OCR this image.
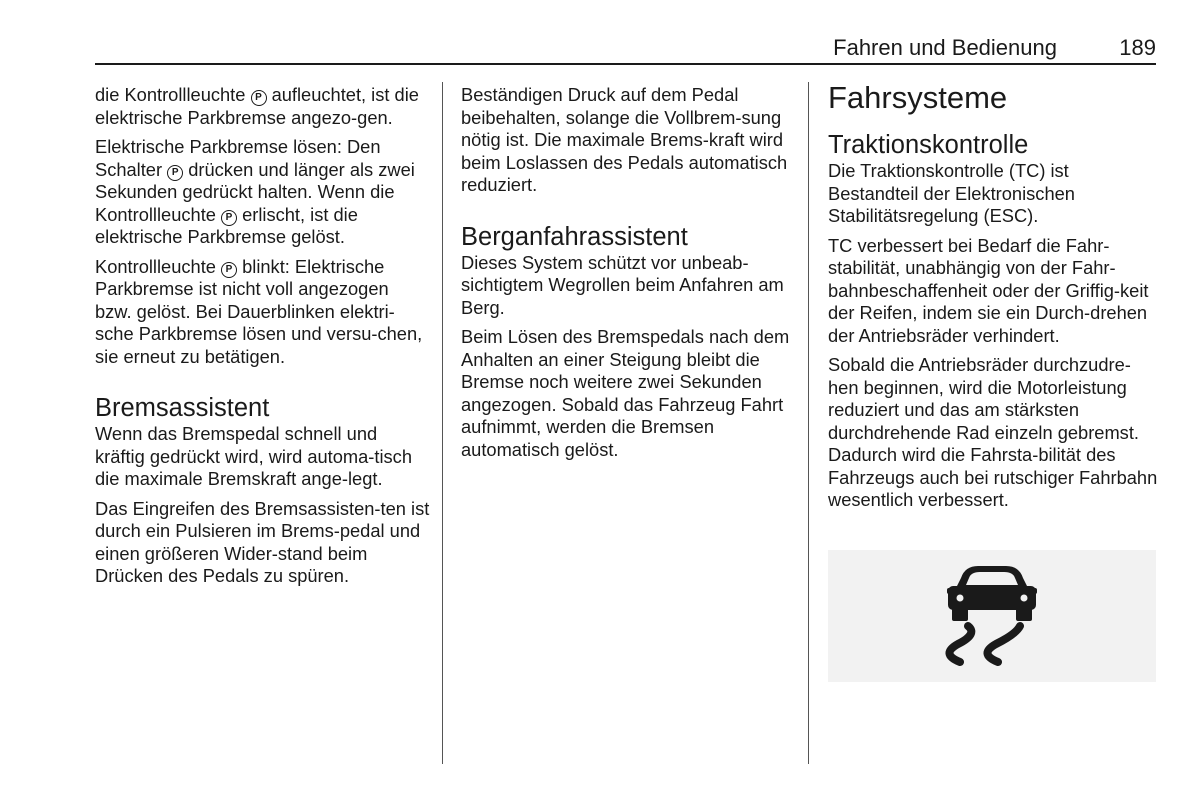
Fahren und Bedienung	189

die Kontrollleuchte P aufleuchtet, ist die elektrische Parkbremse angezo-gen.

Elektrische Parkbremse lösen: Den Schalter P drücken und länger als zwei Sekunden gedrückt halten. Wenn die Kontrollleuchte P erlischt, ist die elektrische Parkbremse gelöst.

Kontrollleuchte P blinkt: Elektrische Parkbremse ist nicht voll angezogen bzw. gelöst. Bei Dauerblinken elektri-sche Parkbremse lösen und versu-chen, sie erneut zu betätigen.

Bremsassistent

Wenn das Bremspedal schnell und kräftig gedrückt wird, wird automa-tisch die maximale Bremskraft ange-legt.

Das Eingreifen des Bremsassisten-ten ist durch ein Pulsieren im Brems-pedal und einen größeren Wider-stand beim Drücken des Pedals zu spüren.

Beständigen Druck auf dem Pedal beibehalten, solange die Vollbrem-sung nötig ist. Die maximale Brems-kraft wird beim Loslassen des Pedals automatisch reduziert.

Berganfahrassistent

Dieses System schützt vor unbeab-sichtigtem Wegrollen beim Anfahren am Berg.

Beim Lösen des Bremspedals nach dem Anhalten an einer Steigung bleibt die Bremse noch weitere zwei Sekunden angezogen. Sobald das Fahrzeug Fahrt aufnimmt, werden die Bremsen automatisch gelöst.

Fahrsysteme
Traktionskontrolle

Die Traktionskontrolle (TC) ist Bestandteil der Elektronischen Stabilitätsregelung (ESC).

TC verbessert bei Bedarf die Fahr-stabilität, unabhängig von der Fahr-bahnbeschaffenheit oder der Griffig-keit der Reifen, indem sie ein Durch-drehen der Antriebsräder verhindert.

Sobald die Antriebsräder durchzudre-hen beginnen, wird die Motorleistung reduziert und das am stärksten durchdrehende Rad einzeln gebremst. Dadurch wird die Fahrsta-bilität des Fahrzeugs auch bei rutschiger Fahrbahn wesentlich verbessert.
